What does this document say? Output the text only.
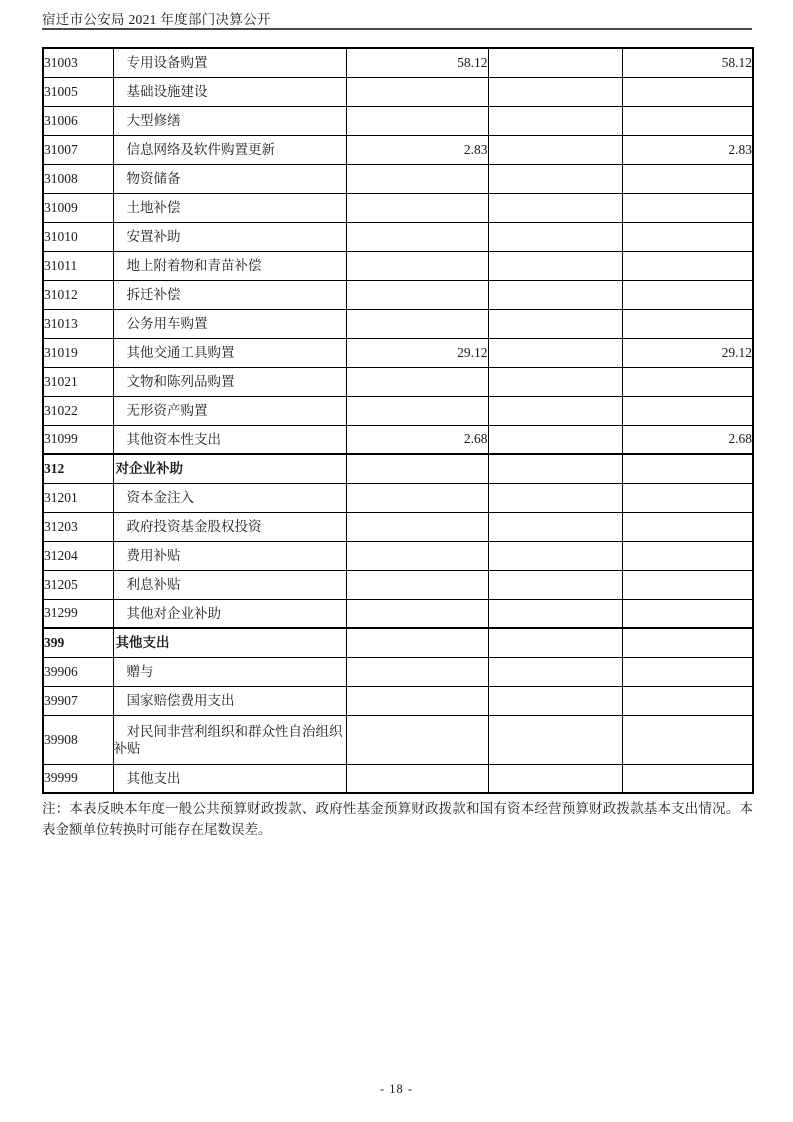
宿迁市公安局 2021 年度部门决算公开
31003	专用设备购置	58.12		58.12
31005	基础设施建设			
31006	大型修缮			
31007	信息网络及软件购置更新	2.83		2.83
31008	物资储备			
31009	土地补偿			
31010	安置补助			
31011	地上附着物和青苗补偿			
31012	拆迁补偿			
31013	公务用车购置			
31019	其他交通工具购置	29.12		29.12
31021	文物和陈列品购置			
31022	无形资产购置			
31099	其他资本性支出	2.68		2.68
312	对企业补助			
31201	资本金注入			
31203	政府投资基金股权投资			
31204	费用补贴			
31205	利息补贴			
31299	其他对企业补助			
399	其他支出			
39906	赠与			
39907	国家赔偿费用支出			
39908	对民间非营利组织和群众性自治组织补贴			
39999	其他支出			
注：本表反映本年度一般公共预算财政拨款、政府性基金预算财政拨款和国有资本经营预算财政拨款基本支出情况。本表金额单位转换时可能存在尾数误差。
- 18 -
